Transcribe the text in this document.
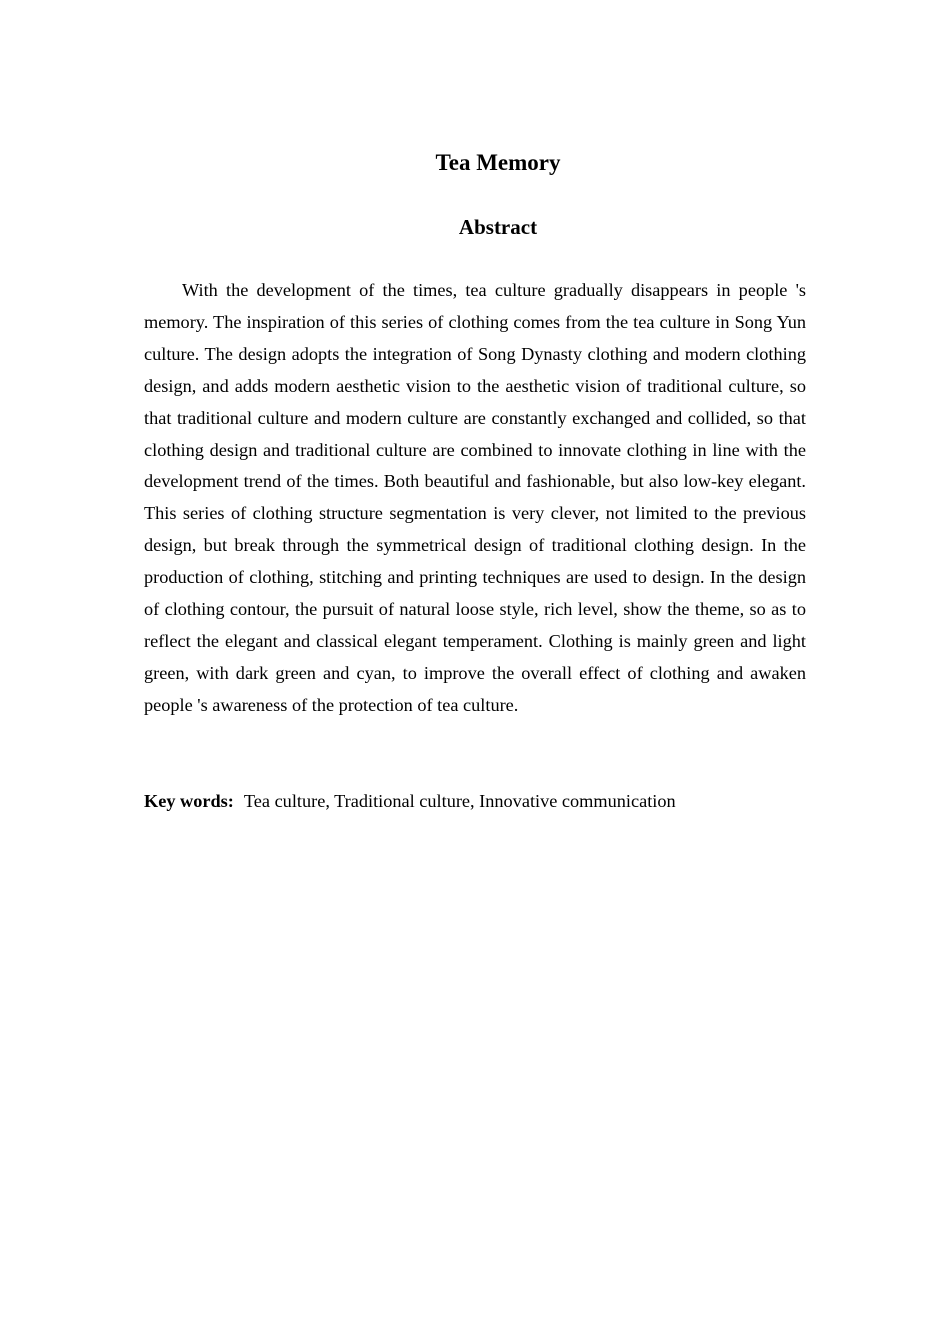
Tea Memory
Abstract

With the development of the times, tea culture gradually disappears in people 's memory. The inspiration of this series of clothing comes from the tea culture in Song Yun culture. The design adopts the integration of Song Dynasty clothing and modern clothing design, and adds modern aesthetic vision to the aesthetic vision of traditional culture, so that traditional culture and modern culture are constantly exchanged and collided, so that clothing design and traditional culture are combined to innovate clothing in line with the development trend of the times. Both beautiful and fashionable, but also low-key elegant. This series of clothing structure segmentation is very clever, not limited to the previous design, but break through the symmetrical design of traditional clothing design. In the production of clothing, stitching and printing techniques are used to design. In the design of clothing contour, the pursuit of natural loose style, rich level, show the theme, so as to reflect the elegant and classical elegant temperament. Clothing is mainly green and light green, with dark green and cyan, to improve the overall effect of clothing and awaken people 's awareness of the protection of tea culture.

Key words: Tea culture, Traditional culture, Innovative communication
